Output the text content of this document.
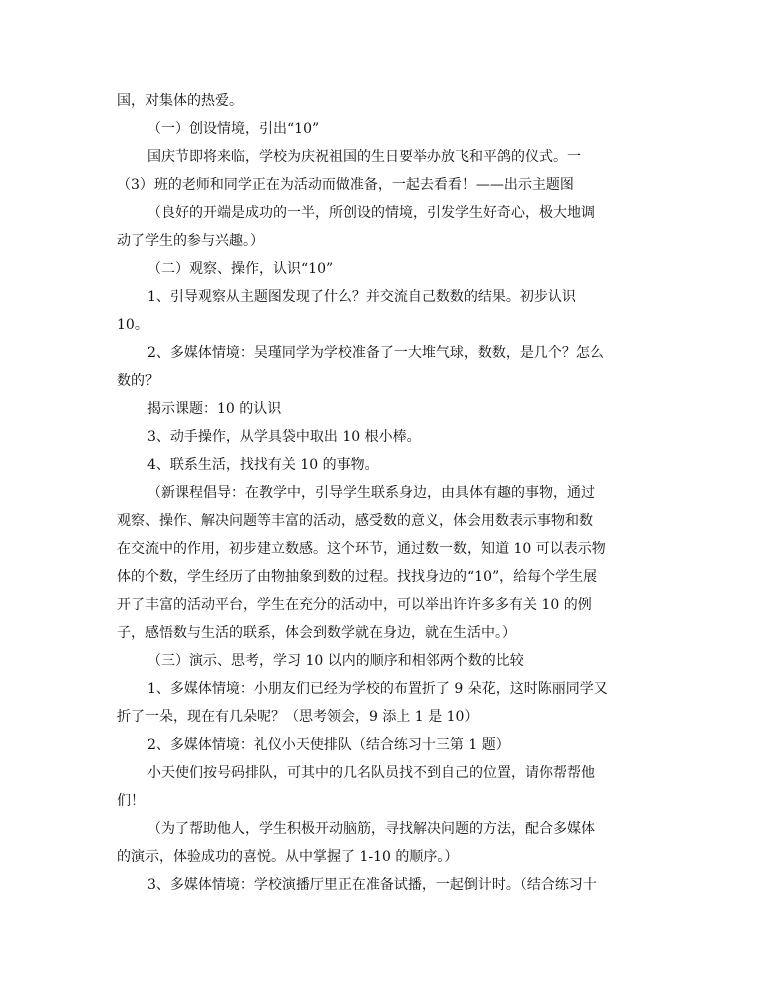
国，对集体的热爱。

（一）创设情境，引出“10”

国庆节即将来临，学校为庆祝祖国的生日要举办放飞和平鸽的仪式。一

（3）班的老师和同学正在为活动而做准备，一起去看看！——出示主题图

（良好的开端是成功的一半，所创设的情境，引发学生好奇心，极大地调

动了学生的参与兴趣。）

（二）观察、操作，认识“10”

1、引导观察从主题图发现了什么？并交流自己数数的结果。初步认识

10。

2、多媒体情境：吴瑾同学为学校准备了一大堆气球，数数，是几个？怎么

数的？

揭示课题：10 的认识

3、动手操作，从学具袋中取出 10 根小棒。

4、联系生活，找找有关 10 的事物。

（新课程倡导：在教学中，引导学生联系身边，由具体有趣的事物，通过

观察、操作、解决问题等丰富的活动，感受数的意义，体会用数表示事物和数

在交流中的作用，初步建立数感。这个环节，通过数一数，知道 10 可以表示物

体的个数，学生经历了由物抽象到数的过程。找找身边的“10”，给每个学生展

开了丰富的活动平台，学生在充分的活动中，可以举出许许多多有关 10 的例

子，感悟数与生活的联系，体会到数学就在身边，就在生活中。）

（三）演示、思考，学习 10 以内的顺序和相邻两个数的比较

1、多媒体情境：小朋友们已经为学校的布置折了 9 朵花，这时陈丽同学又

折了一朵，现在有几朵呢？（思考领会，9 添上 1 是 10）

2、多媒体情境：礼仪小天使排队（结合练习十三第 1 题）

小天使们按号码排队，可其中的几名队员找不到自己的位置，请你帮帮他

们！

（为了帮助他人，学生积极开动脑筋，寻找解决问题的方法，配合多媒体

的演示，体验成功的喜悦。从中掌握了 1-10 的顺序。）

3、多媒体情境：学校演播厅里正在准备试播，一起倒计时。（结合练习十
